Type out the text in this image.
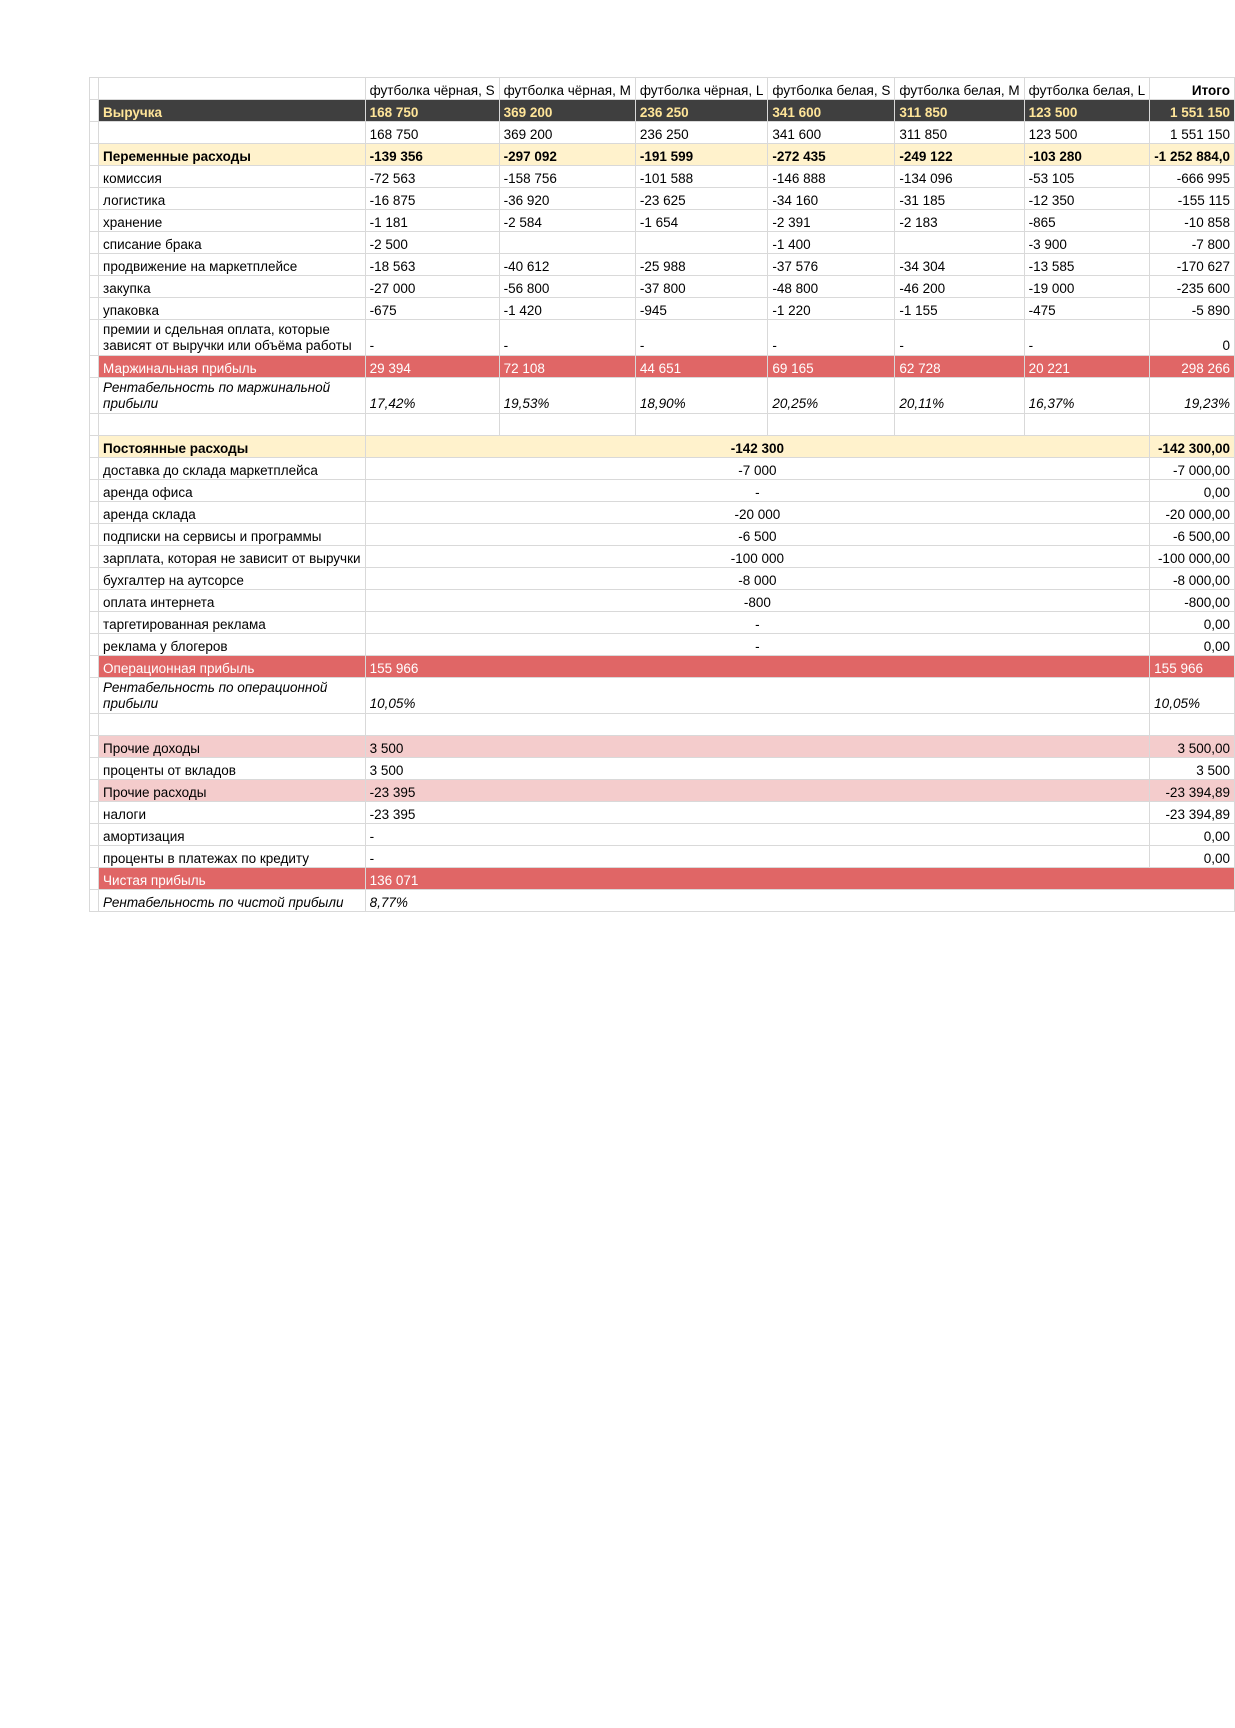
		футболка чёрная, S	футболка чёрная, M	футболка чёрная, L	футболка белая, S	футболка белая, M	футболка белая, L	Итого
	Выручка	168 750	369 200	236 250	341 600	311 850	123 500	1 551 150
		168 750	369 200	236 250	341 600	311 850	123 500	1 551 150
	Переменные расходы	-139 356	-297 092	-191 599	-272 435	-249 122	-103 280	-1 252 884,0
	комиссия	-72 563	-158 756	-101 588	-146 888	-134 096	-53 105	-666 995
	логистика	-16 875	-36 920	-23 625	-34 160	-31 185	-12 350	-155 115
	хранение	-1 181	-2 584	-1 654	-2 391	-2 183	-865	-10 858
	списание брака	-2 500			-1 400		-3 900	-7 800
	продвижение на маркетплейсе	-18 563	-40 612	-25 988	-37 576	-34 304	-13 585	-170 627
	закупка	-27 000	-56 800	-37 800	-48 800	-46 200	-19 000	-235 600
	упаковка	-675	-1 420	-945	-1 220	-1 155	-475	-5 890
	премии и сдельная оплата, которые зависят от выручки или объёма работы	-	-	-	-	-	-	0
	Маржинальная прибыль	29 394	72 108	44 651	69 165	62 728	20 221	298 266
	Рентабельность по маржинальной прибыли	17,42%	19,53%	18,90%	20,25%	20,11%	16,37%	19,23%

	Постоянные расходы	-142 300						-142 300,00
	доставка до склада маркетплейса	-7 000						-7 000,00
	аренда офиса	-						0,00
	аренда склада	-20 000						-20 000,00
	подписки на сервисы и программы	-6 500						-6 500,00
	зарплата, которая не зависит от выручки	-100 000						-100 000,00
	бухгалтер на аутсорсе	-8 000						-8 000,00
	оплата интернета	-800						-800,00
	таргетированная реклама	-						0,00
	реклама у блогеров	-						0,00
	Операционная прибыль	155 966						155 966
	Рентабельность по операционной прибыли	10,05%						10,05%

	Прочие доходы	3 500						3 500,00
	проценты от вкладов	3 500						3 500
	Прочие расходы	-23 395						-23 394,89
	налоги	-23 395						-23 394,89
	амортизация	-						0,00
	проценты в платежах по кредиту	-						0,00
	Чистая прибыль	136 071						
	Рентабельность по чистой прибыли	8,77%						
